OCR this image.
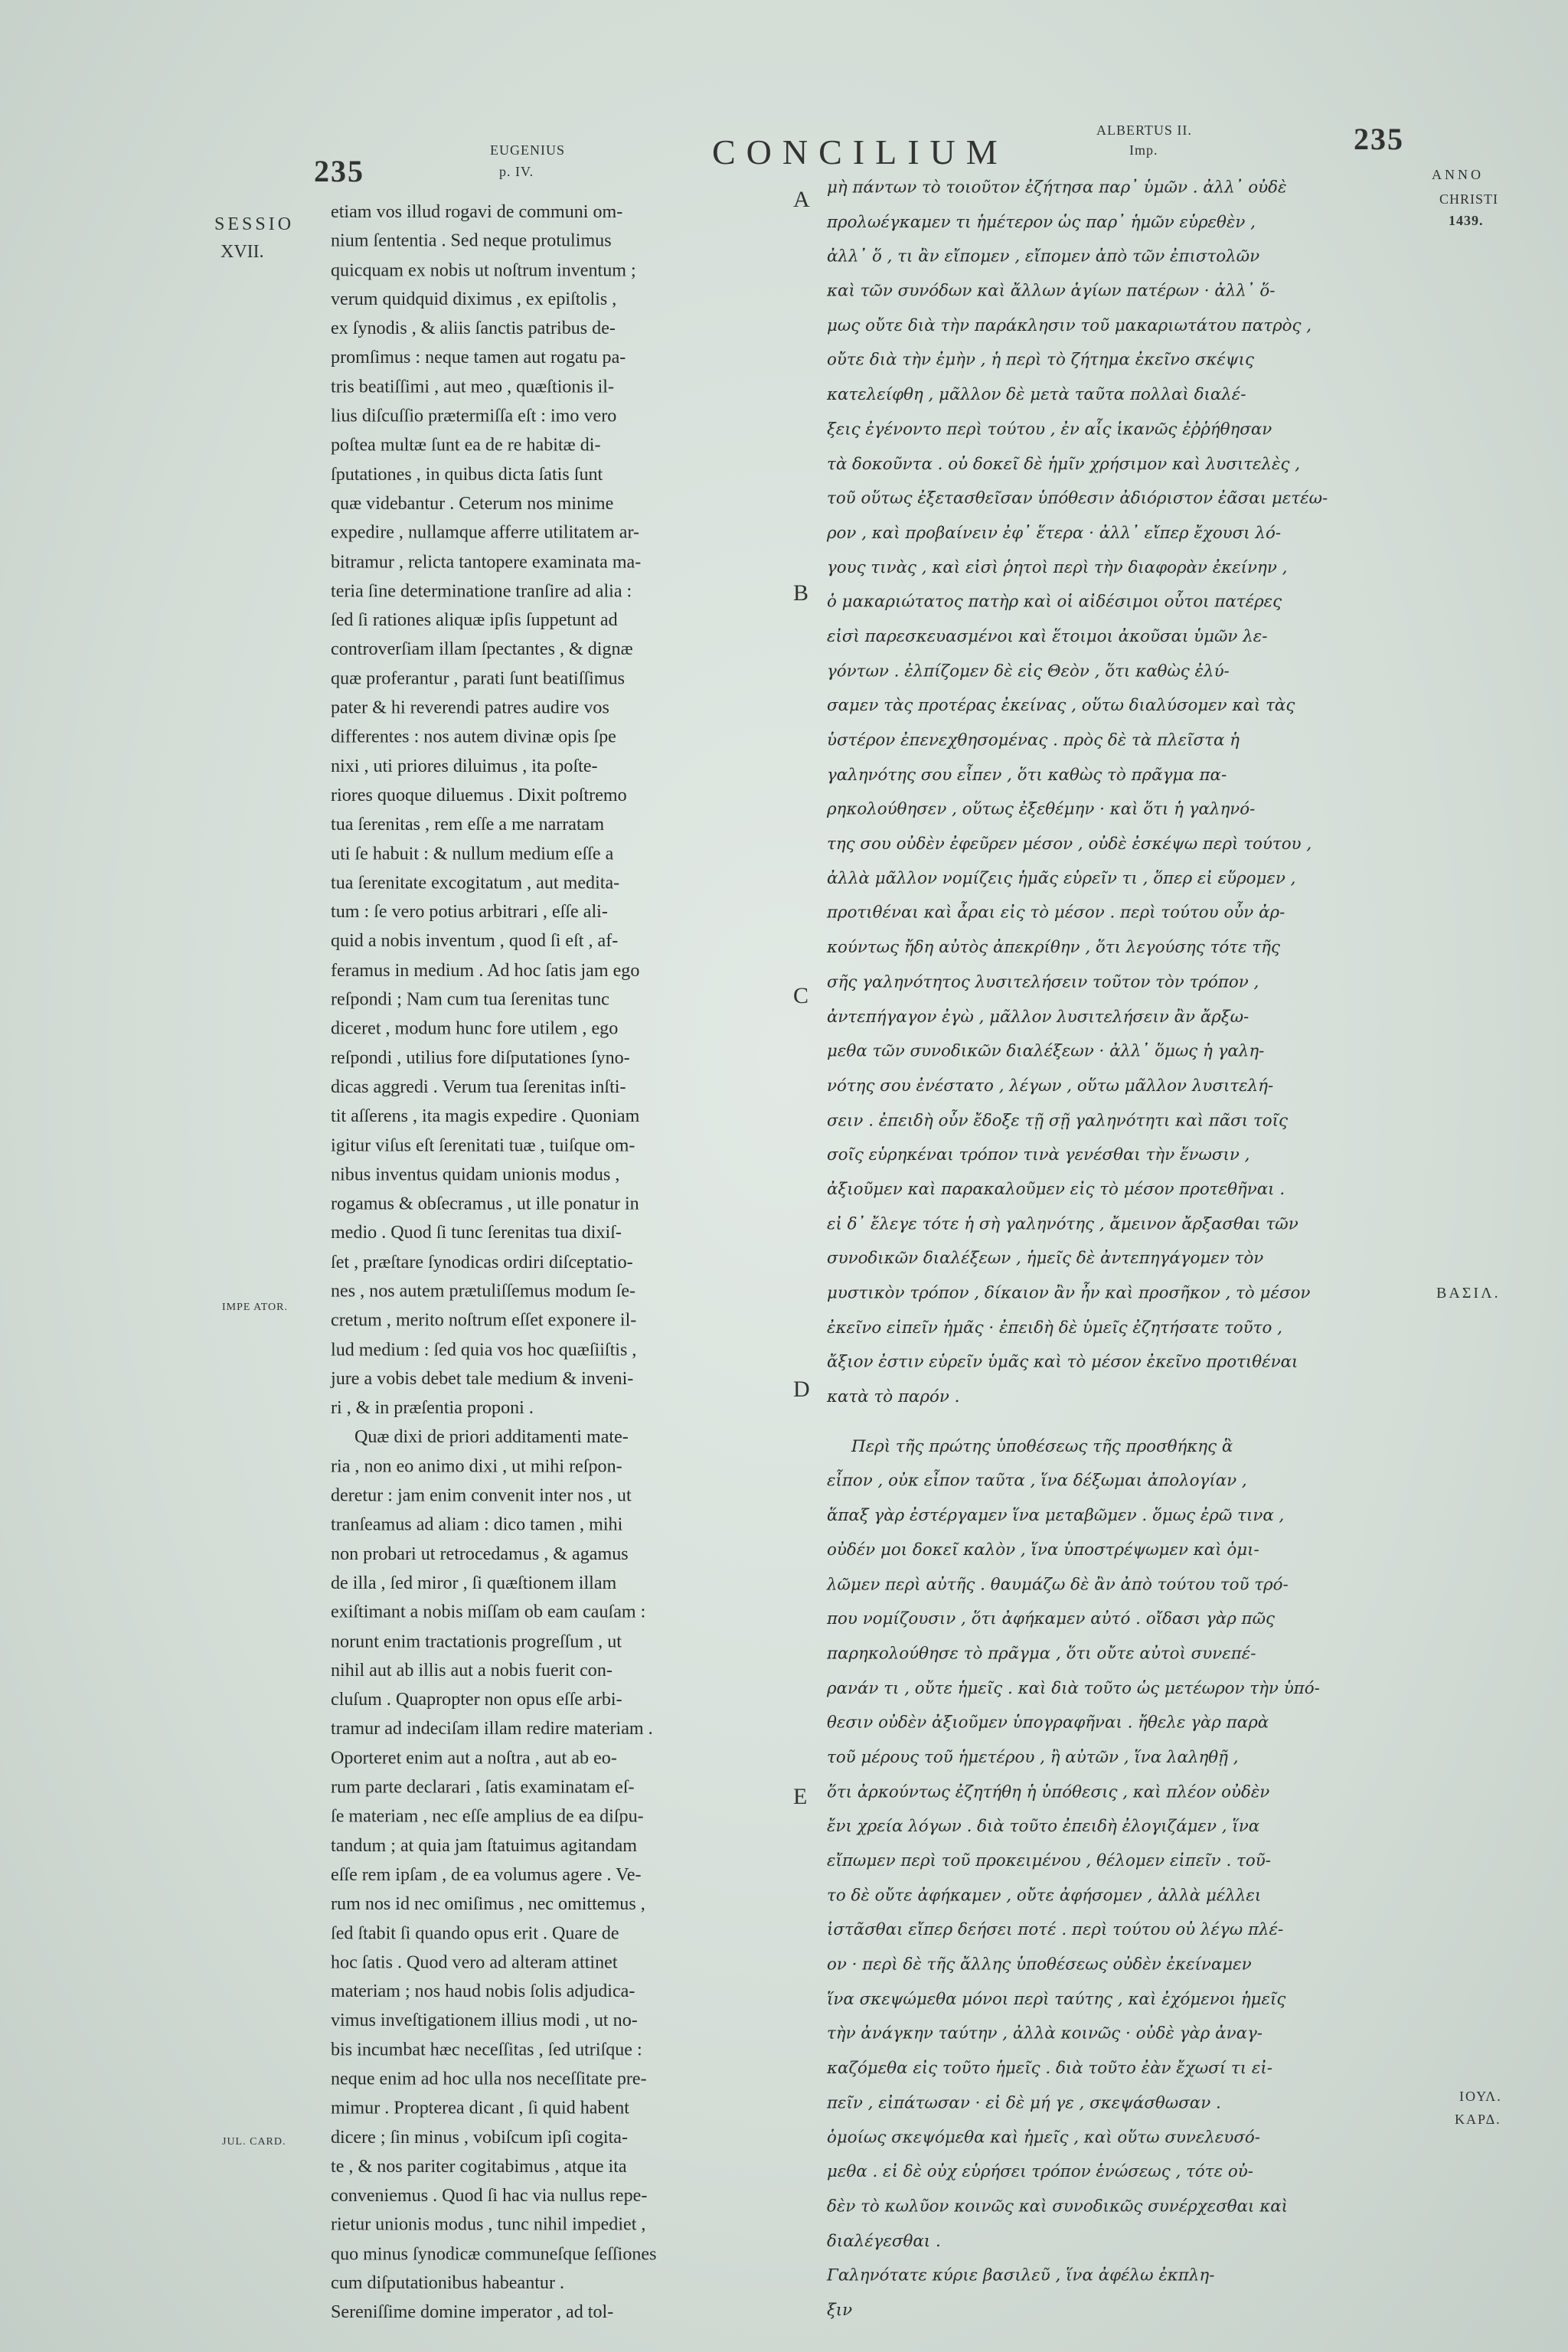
235
EUGENIUS
p. IV.	CONCILIUM
ALBERTUS II.
Imp.	235
ANNO
CHRISTI
1439.
SESSIO
XVII.
IMPE ATOR.
JUL. CARD.
ΒΑΣΙΛ.
ΙΟΥΛ.
ΚΑΡΔ.
A
B
C
D
E
etiam vos illud rogavi de communi om-
nium ſententia . Sed neque protulimus
quicquam ex nobis ut noſtrum inventum ;
verum quidquid diximus , ex epiſtolis ,
ex ſynodis , & aliis ſanctis patribus de-
promſimus : neque tamen aut rogatu pa-
tris beatiſſimi , aut meo , quæſtionis il-
lius diſcuſſio prætermiſſa eſt : imo vero
poſtea multæ ſunt ea de re habitæ di-
ſputationes , in quibus dicta ſatis ſunt
quæ videbantur . Ceterum nos minime
expedire , nullamque afferre utilitatem ar-
bitramur , relicta tantopere examinata ma-
teria ſine determinatione tranſire ad alia :
ſed ſi rationes aliquæ ipſis ſuppetunt ad
controverſiam illam ſpectantes , & dignæ
quæ proferantur , parati ſunt beatiſſimus
pater & hi reverendi patres audire vos
differentes : nos autem divinæ opis ſpe
nixi , uti priores diluimus , ita poſte-
riores quoque diluemus . Dixit poſtremo
tua ſerenitas , rem eſſe a me narratam
uti ſe habuit : & nullum medium eſſe a
tua ſerenitate excogitatum , aut medita-
tum : ſe vero potius arbitrari , eſſe ali-
quid a nobis inventum , quod ſi eſt , af-
feramus in medium . Ad hoc ſatis jam ego
reſpondi ; Nam cum tua ſerenitas tunc
diceret , modum hunc fore utilem , ego
reſpondi , utilius fore diſputationes ſyno-
dicas aggredi . Verum tua ſerenitas inſti-
tit aſſerens , ita magis expedire . Quoniam
igitur viſus eſt ſerenitati tuæ , tuiſque om-
nibus inventus quidam unionis modus ,
rogamus & obſecramus , ut ille ponatur in
medio . Quod ſi tunc ſerenitas tua dixiſ-
ſet , præſtare ſynodicas ordiri diſceptatio-
nes , nos autem prætuliſſemus modum ſe-
cretum , merito noſtrum eſſet exponere il-
lud medium : ſed quia vos hoc quæſiiſtis ,
jure a vobis debet tale medium & inveni-
ri , & in præſentia proponi .
Quæ dixi de priori additamenti mate-
ria , non eo animo dixi , ut mihi reſpon-
deretur : jam enim convenit inter nos , ut
tranſeamus ad aliam : dico tamen , mihi
non probari ut retrocedamus , & agamus
de illa , ſed miror , ſi quæſtionem illam
exiſtimant a nobis miſſam ob eam cauſam :
norunt enim tractationis progreſſum , ut
nihil aut ab illis aut a nobis fuerit con-
cluſum . Quapropter non opus eſſe arbi-
tramur ad indeciſam illam redire materiam .
Oporteret enim aut a noſtra , aut ab eo-
rum parte declarari , ſatis examinatam eſ-
ſe materiam , nec eſſe amplius de ea diſpu-
tandum ; at quia jam ſtatuimus agitandam
eſſe rem ipſam , de ea volumus agere . Ve-
rum nos id nec omiſimus , nec omittemus ,
ſed ſtabit ſi quando opus erit . Quare de
hoc ſatis . Quod vero ad alteram attinet
materiam ; nos haud nobis ſolis adjudica-
vimus inveſtigationem illius modi , ut no-
bis incumbat hæc neceſſitas , ſed utriſque :
neque enim ad hoc ulla nos neceſſitate pre-
mimur . Propterea dicant , ſi quid habent
dicere ; ſin minus , vobiſcum ipſi cogita-
te , & nos pariter cogitabimus , atque ita
conveniemus . Quod ſi hac via nullus repe-
rietur unionis modus , tunc nihil impediet ,
quo minus ſynodicæ communeſque ſeſſiones
cum diſputationibus habeantur .
Sereniſſime domine imperator , ad tol-
μὴ πάντων τὸ τοιοῦτον ἐζήτησα παρ᾽ ὑμῶν . ἀλλ᾽ οὐδὲ
προλωέγκαμεν τι ἡμέτερον ὡς παρ᾽ ἡμῶν εὑρεθὲν ,
ἀλλ᾽ ὅ , τι ἂν εἴπομεν , εἴπομεν ἀπὸ τῶν ἐπιστολῶν
καὶ τῶν συνόδων καὶ ἄλλων ἁγίων πατέρων · ἀλλ᾽ ὅ-
μως οὔτε διὰ τὴν παράκλησιν τοῦ μακαριωτάτου πατρὸς ,
οὔτε διὰ τὴν ἐμὴν , ἡ περὶ τὸ ζήτημα ἐκεῖνο σκέψις
κατελείφθη , μᾶλλον δὲ μετὰ ταῦτα πολλαὶ διαλέ-
ξεις ἐγένοντο περὶ τούτου , ἐν αἷς ἱκανῶς ἐῤῥήθησαν
τὰ δοκοῦντα . οὐ δοκεῖ δὲ ἡμῖν χρήσιμον καὶ λυσιτελὲς ,
τοῦ οὕτως ἐξετασθεῖσαν ὑπόθεσιν ἀδιόριστον ἐᾶσαι μετέω-
ρον , καὶ προβαίνειν ἐφ᾽ ἕτερα · ἀλλ᾽ εἴπερ ἔχουσι λό-
γους τινὰς , καὶ εἰσὶ ῥητοὶ περὶ τὴν διαφορὰν ἐκείνην ,
ὁ μακαριώτατος πατὴρ καὶ οἱ αἰδέσιμοι οὗτοι πατέρες
εἰσὶ παρεσκευασμένοι καὶ ἕτοιμοι ἀκοῦσαι ὑμῶν λε-
γόντων . ἐλπίζομεν δὲ εἰς Θεὸν , ὅτι καθὼς ἐλύ-
σαμεν τὰς προτέρας ἐκείνας , οὕτω διαλύσομεν καὶ τὰς
ὑστέρον ἐπενεχθησομένας . πρὸς δὲ τὰ πλεῖστα ἡ
γαληνότης σου εἶπεν , ὅτι καθὼς τὸ πρᾶγμα πα-
ρηκολούθησεν , οὕτως ἐξεθέμην · καὶ ὅτι ἡ γαληνό-
της σου οὐδὲν ἐφεῦρεν μέσον , οὐδὲ ἐσκέψω περὶ τούτου ,
ἀλλὰ μᾶλλον νομίζεις ἡμᾶς εὑρεῖν τι , ὅπερ εἰ εὕρομεν ,
προτιθέναι καὶ ἆραι εἰς τὸ μέσον . περὶ τούτου οὖν ἀρ-
κούντως ἤδη αὐτὸς ἀπεκρίθην , ὅτι λεγούσης τότε τῆς
σῆς γαληνότητος λυσιτελήσειν τοῦτον τὸν τρόπον ,
ἀντεπήγαγον ἐγὼ , μᾶλλον λυσιτελήσειν ἂν ἄρξω-
μεθα τῶν συνοδικῶν διαλέξεων · ἀλλ᾽ ὅμως ἡ γαλη-
νότης σου ἐνέστατο , λέγων , οὕτω μᾶλλον λυσιτελή-
σειν . ἐπειδὴ οὖν ἔδοξε τῇ σῇ γαληνότητι καὶ πᾶσι τοῖς
σοῖς εὑρηκέναι τρόπον τινὰ γενέσθαι τὴν ἕνωσιν ,
ἀξιοῦμεν καὶ παρακαλοῦμεν εἰς τὸ μέσον προτεθῆναι .
εἰ δ᾽ ἔλεγε τότε ἡ σὴ γαληνότης , ἄμεινον ἄρξασθαι τῶν
συνοδικῶν διαλέξεων , ἡμεῖς δὲ ἀντεπηγάγομεν τὸν
μυστικὸν τρόπον , δίκαιον ἂν ἦν καὶ προσῆκον , τὸ μέσον
ἐκεῖνο εἰπεῖν ἡμᾶς · ἐπειδὴ δὲ ὑμεῖς ἐζητήσατε τοῦτο ,
ἄξιον ἐστιν εὑρεῖν ὑμᾶς καὶ τὸ μέσον ἐκεῖνο προτιθέναι
κατὰ τὸ παρόν .
Περὶ τῆς πρώτης ὑποθέσεως τῆς προσθήκης ἃ
εἶπον , οὐκ εἶπον ταῦτα , ἵνα δέξωμαι ἀπολογίαν ,
ἅπαξ γὰρ ἐστέργαμεν ἵνα μεταβῶμεν . ὅμως ἐρῶ τινα ,
οὐδέν μοι δοκεῖ καλὸν , ἵνα ὑποστρέψωμεν καὶ ὁμι-
λῶμεν περὶ αὐτῆς . θαυμάζω δὲ ἂν ἀπὸ τούτου τοῦ τρό-
που νομίζουσιν , ὅτι ἀφήκαμεν αὐτό . οἴδασι γὰρ πῶς
παρηκολούθησε τὸ πρᾶγμα , ὅτι οὔτε αὐτοὶ συνεπέ-
ρανάν τι , οὔτε ἡμεῖς . καὶ διὰ τοῦτο ὡς μετέωρον τὴν ὑπό-
θεσιν οὐδὲν ἀξιοῦμεν ὑπογραφῆναι . ἤθελε γὰρ παρὰ
τοῦ μέρους τοῦ ἡμετέρου , ἢ αὐτῶν , ἵνα λαληθῇ ,
ὅτι ἀρκούντως ἐζητήθη ἡ ὑπόθεσις , καὶ πλέον οὐδὲν
ἔνι χρεία λόγων . διὰ τοῦτο ἐπειδὴ ἐλογιζάμεν , ἵνα
εἴπωμεν περὶ τοῦ προκειμένου , θέλομεν εἰπεῖν . τοῦ-
το δὲ οὔτε ἀφήκαμεν , οὔτε ἀφήσομεν , ἀλλὰ μέλλει
ἱστᾶσθαι εἴπερ δεήσει ποτέ . περὶ τούτου οὐ λέγω πλέ-
ον · περὶ δὲ τῆς ἄλλης ὑποθέσεως οὐδὲν ἐκείναμεν
ἵνα σκεψώμεθα μόνοι περὶ ταύτης , καὶ ἐχόμενοι ἡμεῖς
τὴν ἀνάγκην ταύτην , ἀλλὰ κοινῶς · οὐδὲ γὰρ ἀναγ-
καζόμεθα εἰς τοῦτο ἡμεῖς . διὰ τοῦτο ἐὰν ἔχωσί τι εἰ-
πεῖν , εἰπάτωσαν · εἰ δὲ μή γε , σκεψάσθωσαν .
ὁμοίως σκεψόμεθα καὶ ἡμεῖς , καὶ οὕτω συνελευσό-
μεθα . εἰ δὲ οὐχ εὑρήσει τρόπον ἑνώσεως , τότε οὐ-
δὲν τὸ κωλῦον κοινῶς καὶ συνοδικῶς συνέρχεσθαι καὶ
διαλέγεσθαι .
Γαληνότατε κύριε βασιλεῦ , ἵνα ἀφέλω ἐκπλη-
ξιν
